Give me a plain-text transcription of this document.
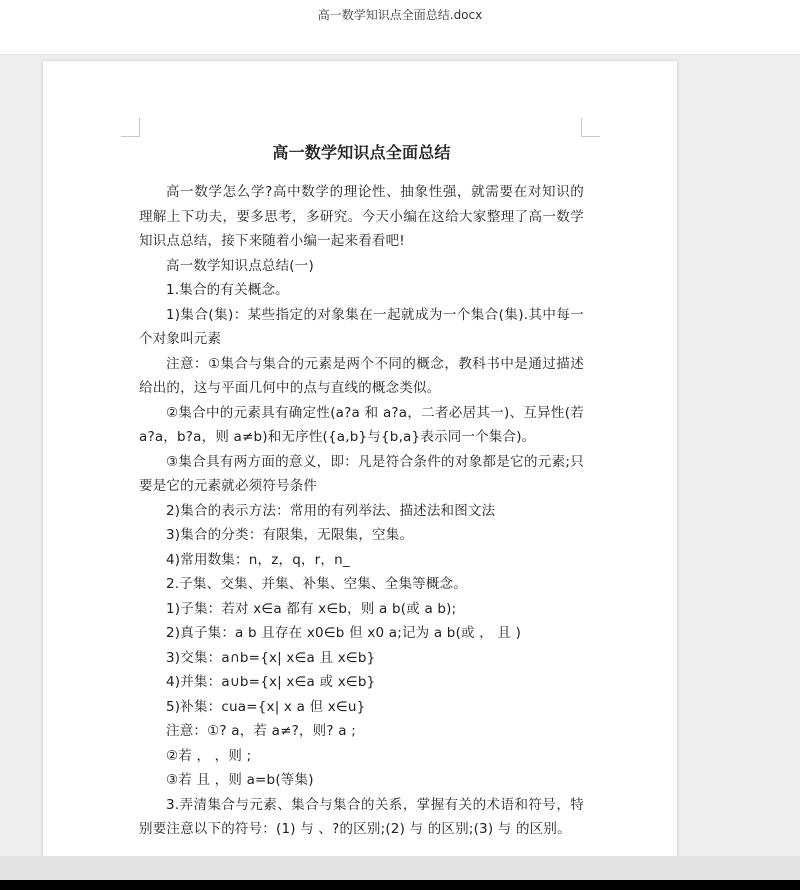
高一数学知识点全面总结.docx
高一数学知识点全面总结

高一数学怎么学?高中数学的理论性、抽象性强，就需要在对知识的理解上下功夫，要多思考，多研究。今天小编在这给大家整理了高一数学知识点总结，接下来随着小编一起来看看吧!

高一数学知识点总结(一)

1.集合的有关概念。

1)集合(集)：某些指定的对象集在一起就成为一个集合(集).其中每一个对象叫元素

注意：①集合与集合的元素是两个不同的概念，教科书中是通过描述给出的，这与平面几何中的点与直线的概念类似。

②集合中的元素具有确定性(a?a 和 a?a，二者必居其一)、互异性(若 a?a，b?a，则 a≠b)和无序性({a,b}与{b,a}表示同一个集合)。

③集合具有两方面的意义，即：凡是符合条件的对象都是它的元素;只要是它的元素就必须符号条件

2)集合的表示方法：常用的有列举法、描述法和图文法

3)集合的分类：有限集，无限集，空集。

4)常用数集：n，z，q，r，n_

2.子集、交集、并集、补集、空集、全集等概念。

1)子集：若对 x∈a 都有 x∈b，则 a b(或 a b);

2)真子集：a b 且存在 x0∈b 但 x0 a;记为 a b(或 ， 且 )

3)交集：a∩b={x| x∈a 且 x∈b}

4)并集：a∪b={x| x∈a 或 x∈b}

5)补集：cua={x| x a 但 x∈u}

注意：①? a，若 a≠?，则? a ;

②若 ， ，则 ;

③若 且 ，则 a=b(等集)

3.弄清集合与元素、集合与集合的关系，掌握有关的术语和符号，特别要注意以下的符号：(1) 与 、?的区别;(2) 与 的区别;(3) 与 的区别。
